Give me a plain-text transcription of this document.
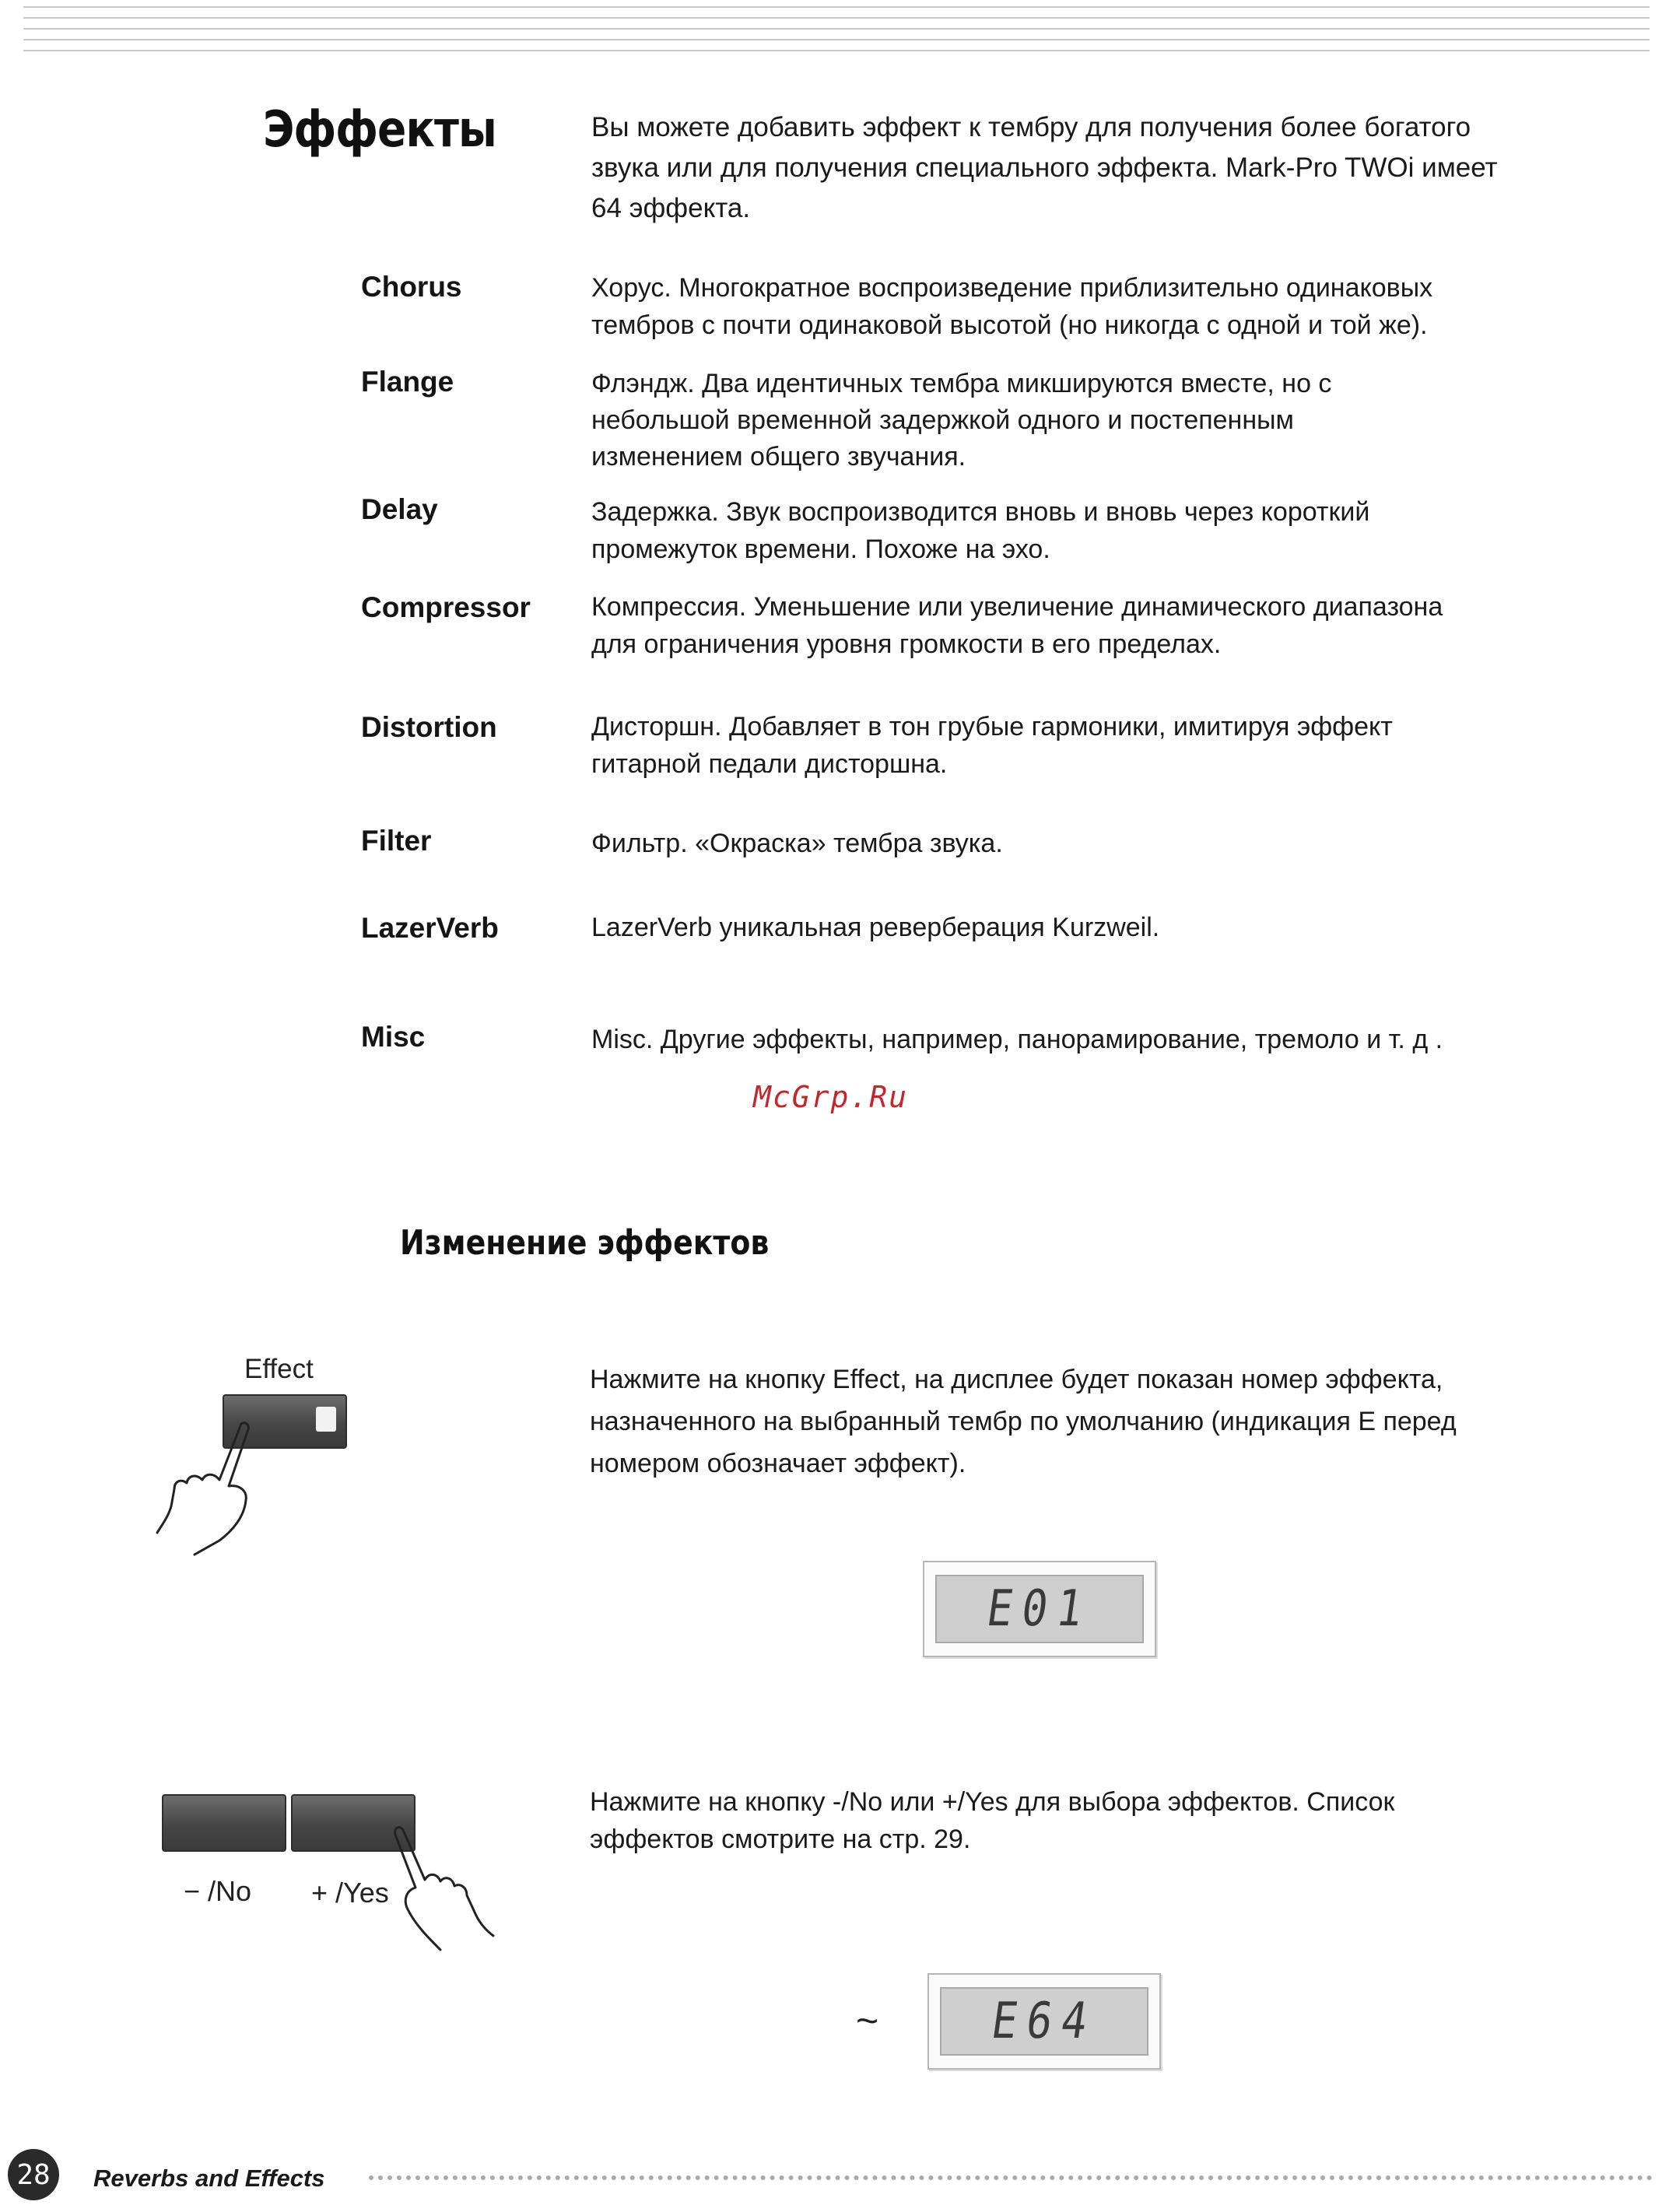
Эффекты	Вы можете добавить эффект к тембру для получения более богатого
звука или для получения специального эффекта. Mark-Pro TWOi имеет
64 эффекта.
Chorus	Хорус. Многократное воспроизведение приблизительно одинаковых
тембров с почти одинаковой высотой (но никогда с одной и той же).
Flange	Флэндж. Два идентичных тембра микшируются вместе, но с
небольшой временной задержкой одного и постепенным
изменением общего звучания.
Delay	Задержка. Звук воспроизводится вновь и вновь через короткий
промежуток времени. Похоже на эхо.
Compressor Компрессия. Уменьшение или увеличение динамического диапазона
для ограничения уровня громкости в его пределах.
Distortion	Дисторшн. Добавляет в тон грубые гармоники, имитируя эффект
гитарной педали дисторшна.
Filter	Фильтр. «Окраска» тембра звука.
LazerVerb	LazerVerb уникальная реверберация Kurzweil.
Misc	Misc. Другие эффекты, например, панорамирование, тремоло и т. д .
McGrp.Ru
Изменение эффектов
Effect	Нажмите на кнопку Effect, на дисплее будет показан номер эффекта,
назначенного на выбранный тембр по умолчанию (индикация E перед
номером обозначает эффект).
E01
− /No + /Yes
Нажмите на кнопку -/No или +/Yes для выбора эффектов. Список
эффектов смотрите на стр. 29.
~ E64
28	Reverbs and Effects
